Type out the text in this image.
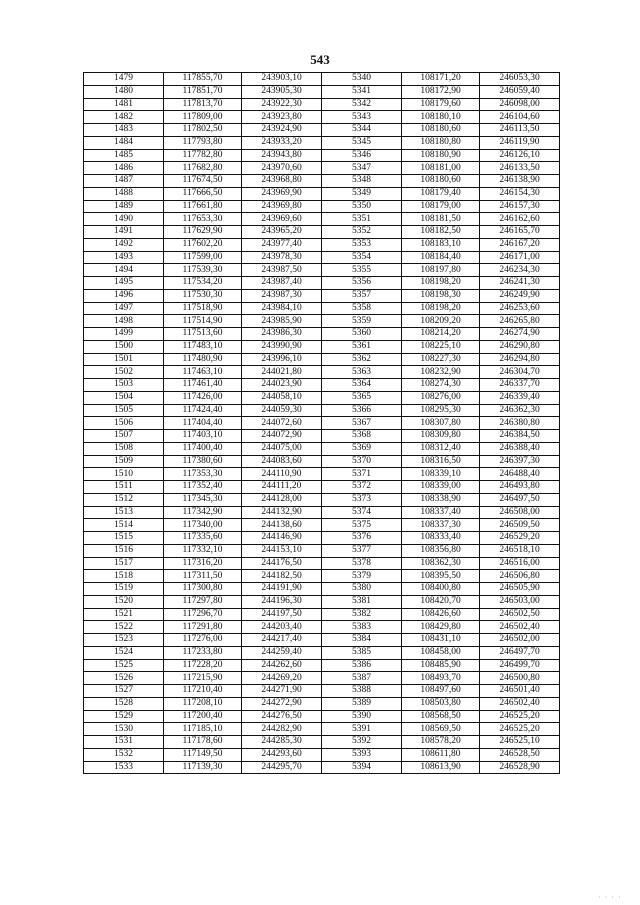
543
1479	117855,70	243903,10	5340	108171,20	246053,30
1480	117851,70	243905,30	5341	108172,90	246059,40
1481	117813,70	243922,30	5342	108179,60	246098,00
1482	117809,00	243923,80	5343	108180,10	246104,60
1483	117802,50	243924,90	5344	108180,60	246113,50
1484	117793,80	243933,20	5345	108180,80	246119,90
1485	117782,80	243943,80	5346	108180,90	246126,10
1486	117682,80	243970,60	5347	108181,00	246133,50
1487	117674,50	243968,80	5348	108180,60	246138,90
1488	117666,50	243969,90	5349	108179,40	246154,30
1489	117661,80	243969,80	5350	108179,00	246157,30
1490	117653,30	243969,60	5351	108181,50	246162,60
1491	117629,90	243965,20	5352	108182,50	246165,70
1492	117602,20	243977,40	5353	108183,10	246167,20
1493	117599,00	243978,30	5354	108184,40	246171,00
1494	117539,30	243987,50	5355	108197,80	246234,30
1495	117534,20	243987,40	5356	108198,20	246241,30
1496	117530,30	243987,30	5357	108198,30	246249,90
1497	117518,90	243984,10	5358	108198,20	246253,60
1498	117514,90	243985,90	5359	108209,20	246265,80
1499	117513,60	243986,30	5360	108214,20	246274,90
1500	117483,10	243990,90	5361	108225,10	246290,80
1501	117480,90	243996,10	5362	108227,30	246294,80
1502	117463,10	244021,80	5363	108232,90	246304,70
1503	117461,40	244023,90	5364	108274,30	246337,70
1504	117426,00	244058,10	5365	108276,00	246339,40
1505	117424,40	244059,30	5366	108295,30	246362,30
1506	117404,40	244072,60	5367	108307,80	246380,80
1507	117403,10	244072,90	5368	108309,80	246384,50
1508	117400,40	244075,00	5369	108312,40	246388,40
1509	117380,60	244083,60	5370	108316,50	246397,30
1510	117353,30	244110,90	5371	108339,10	246488,40
1511	117352,40	244111,20	5372	108339,00	246493,80
1512	117345,30	244128,00	5373	108338,90	246497,50
1513	117342,90	244132,90	5374	108337,40	246508,00
1514	117340,00	244138,60	5375	108337,30	246509,50
1515	117335,60	244146,90	5376	108333,40	246529,20
1516	117332,10	244153,10	5377	108356,80	246518,10
1517	117316,20	244176,50	5378	108362,30	246516,00
1518	117311,50	244182,50	5379	108395,50	246506,80
1519	117300,80	244191,90	5380	108400,80	246505,90
1520	117297,80	244196,30	5381	108420,70	246503,00
1521	117296,70	244197,50	5382	108426,60	246502,50
1522	117291,80	244203,40	5383	108429,80	246502,40
1523	117276,00	244217,40	5384	108431,10	246502,00
1524	117233,80	244259,40	5385	108458,00	246497,70
1525	117228,20	244262,60	5386	108485,90	246499,70
1526	117215,90	244269,20	5387	108493,70	246500,80
1527	117210,40	244271,90	5388	108497,60	246501,40
1528	117208,10	244272,90	5389	108503,80	246502,40
1529	117200,40	244276,50	5390	108568,50	246525,20
1530	117185,10	244282,90	5391	108569,50	246525,20
1531	117178,60	244285,30	5392	108578,20	246525,10
1532	117149,50	244293,60	5393	108611,80	246528,50
1533	117139,30	244295,70	5394	108613,90	246528,90
· · · ·
